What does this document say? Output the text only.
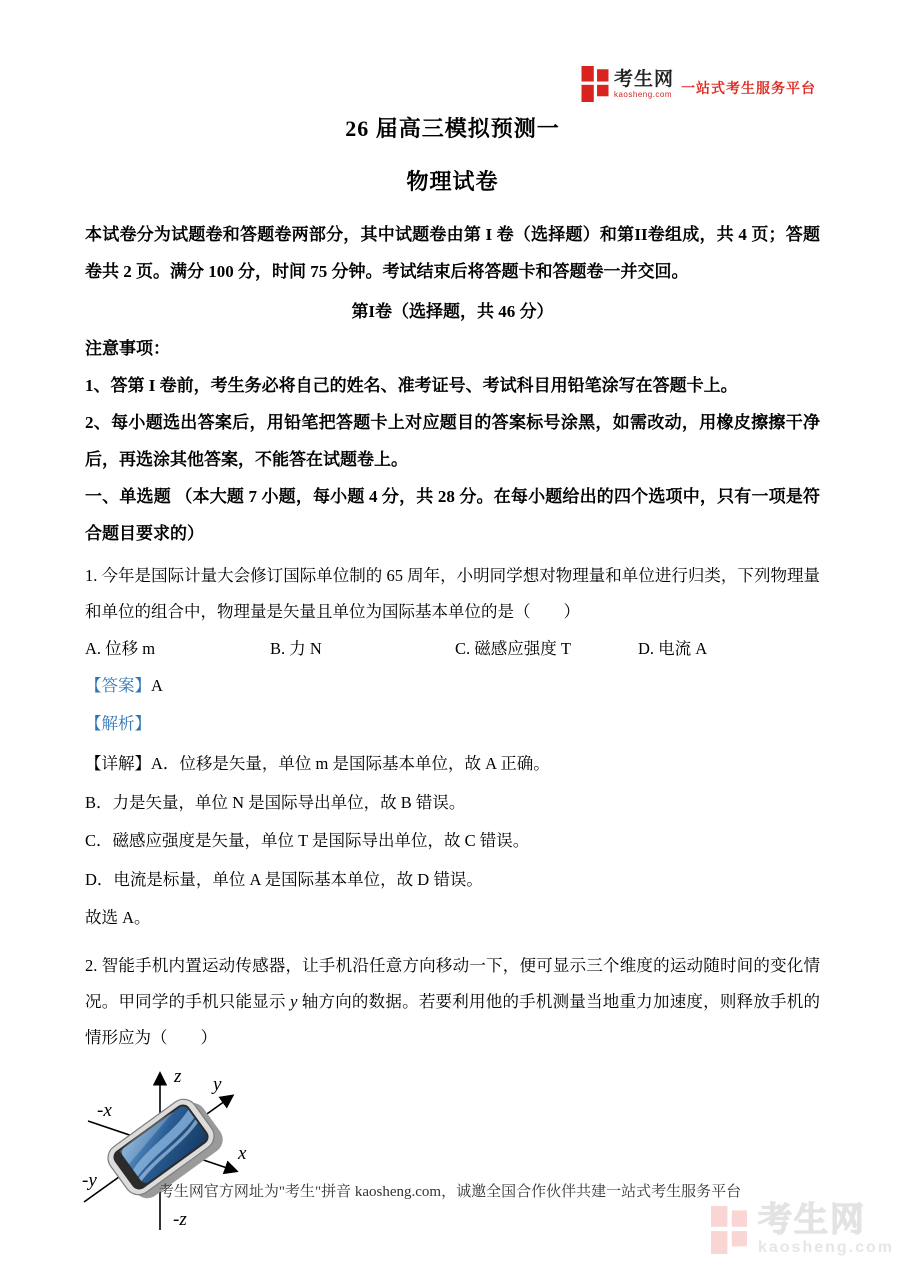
考生网
kaosheng.com 一站式考生服务平台
26 届高三模拟预测一
物理试卷
本试卷分为试题卷和答题卷两部分，其中试题卷由第 I 卷（选择题）和第II卷组成，共 4 页；答题卷共 2 页。满分 100 分，时间 75 分钟。考试结束后将答题卡和答题卷一并交回。
第I卷（选择题，共 46 分）
注意事项：
1、答第 I 卷前，考生务必将自己的姓名、准考证号、考试科目用铅笔涂写在答题卡上。
2、每小题选出答案后，用铅笔把答题卡上对应题目的答案标号涂黑，如需改动，用橡皮擦擦干净后，再选涂其他答案，不能答在试题卷上。
一、单选题 （本大题 7 小题，每小题 4 分，共 28 分。在每小题给出的四个选项中，只有一项是符合题目要求的）
1. 今年是国际计量大会修订国际单位制的 65 周年，小明同学想对物理量和单位进行归类，下列物理量和单位的组合中，物理量是矢量且单位为国际基本单位的是（　　）
A. 位移 m	B. 力 N	C. 磁感应强度 T	D. 电流 A
【答案】A
【解析】
【详解】A．位移是矢量，单位 m 是国际基本单位，故 A 正确。
B．力是矢量，单位 N 是国际导出单位，故 B 错误。
C．磁感应强度是矢量，单位 T 是国际导出单位，故 C 错误。
D．电流是标量，单位 A 是国际基本单位，故 D 错误。
故选 A。
2. 智能手机内置运动传感器，让手机沿任意方向移动一下，便可显示三个维度的运动随时间的变化情况。甲同学的手机只能显示 y 轴方向的数据。若要利用他的手机测量当地重力加速度，则释放手机的情形应为（　　）
z y
x
-x
-y
-z
考生网官方网址为"考生"拼音 kaosheng.com，诚邀全国合作伙伴共建一站式考生服务平台
考生网
kaosheng.com
